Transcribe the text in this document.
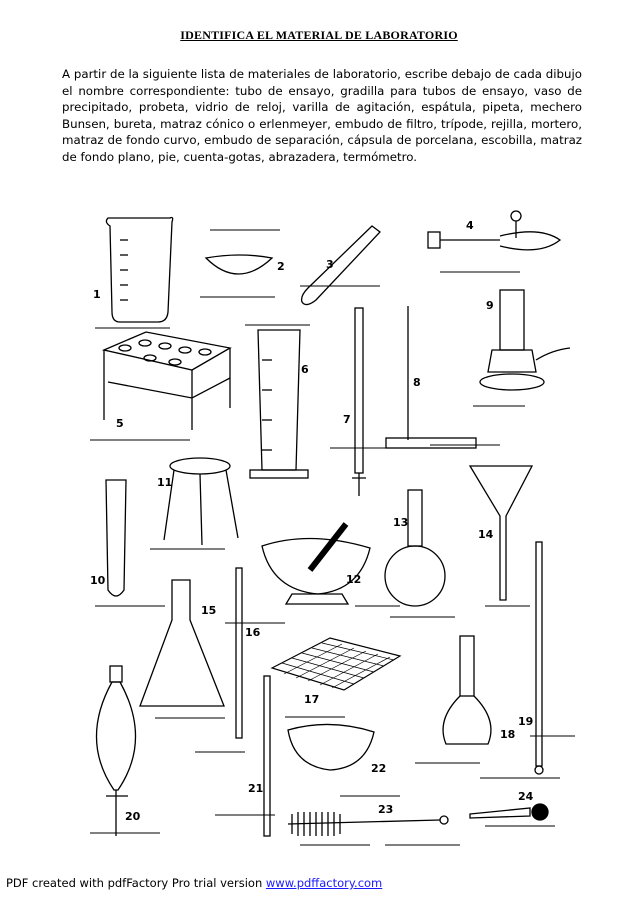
IDENTIFICA EL MATERIAL DE LABORATORIO
A partir de la siguiente lista de materiales de laboratorio, escribe debajo de cada dibujo el nombre correspondiente: tubo de ensayo, gradilla para tubos de ensayo, vaso de precipitado, probeta, vidrio de reloj, varilla de agitación, espátula, pipeta, mechero Bunsen, bureta, matraz cónico o erlenmeyer, embudo de filtro, trípode, rejilla, mortero, matraz de fondo curvo, embudo de separación, cápsula de porcelana, escobilla, matraz de fondo plano, pie, cuenta-gotas, abrazadera, termómetro.
1
2	3
4
5
6
7
8
9
10
11
12
13
14
15
16
17
18
19
20
21
22
23
24
PDF created with pdfFactory Pro trial version www.pdffactory.com
